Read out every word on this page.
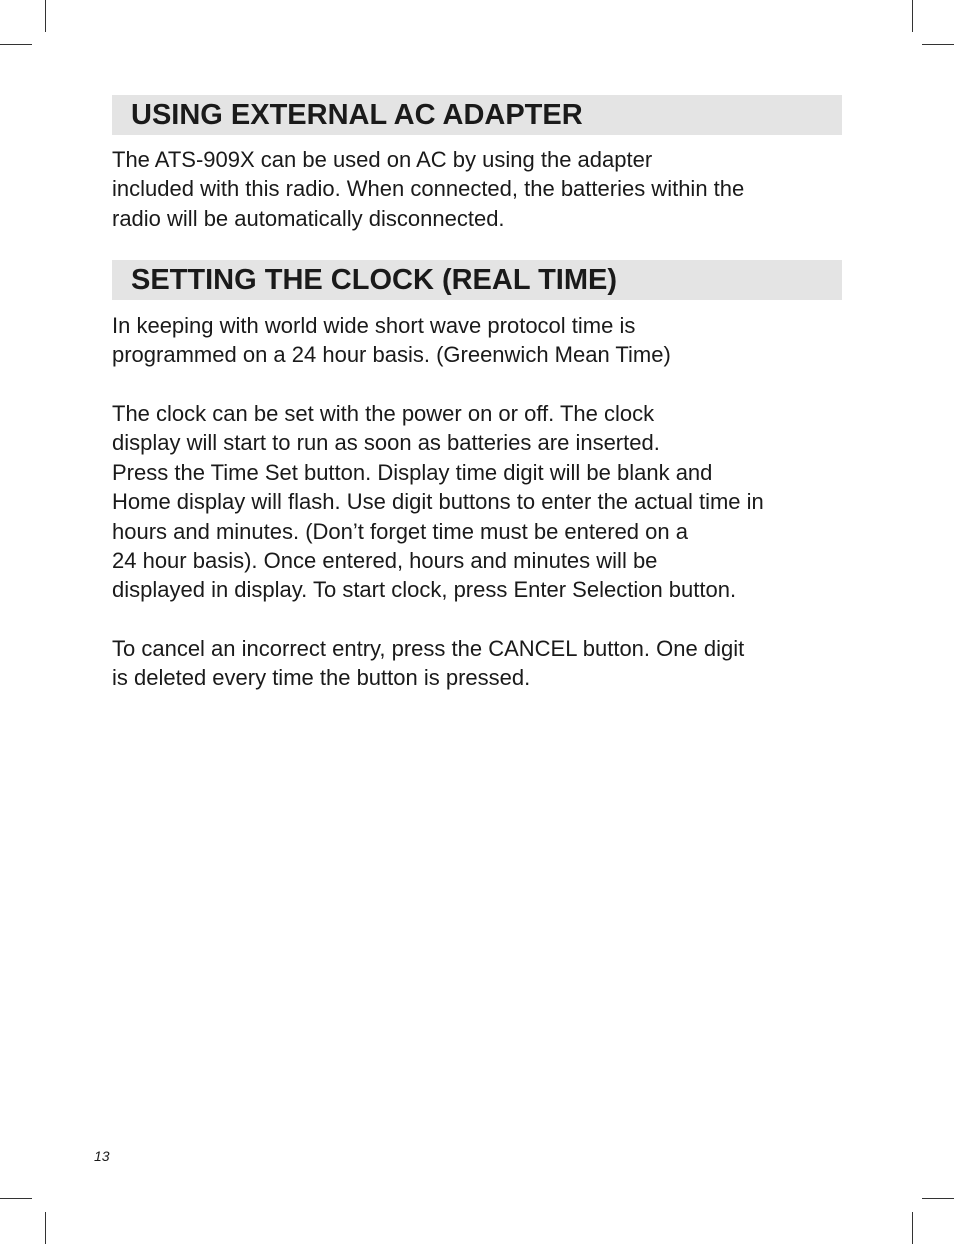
USING EXTERNAL AC ADAPTER
The ATS-909X can be used on AC by using the adapter
included with this radio. When connected, the batteries within the
radio will be automatically disconnected.
SETTING THE CLOCK (REAL TIME)
In keeping with world wide short wave protocol time is
programmed on a 24 hour basis. (Greenwich Mean Time)
The clock can be set with the power on or off. The clock
display will start to run as soon as batteries are inserted.
Press the Time Set button. Display time digit will be blank and
Home display will flash. Use digit buttons to enter the actual time in
hours and minutes. (Don’t forget time must be entered on a
24 hour basis). Once entered, hours and minutes will be
displayed in display. To start clock, press Enter Selection button.
To cancel an incorrect entry, press the CANCEL button. One digit
is deleted every time the button is pressed.
13
